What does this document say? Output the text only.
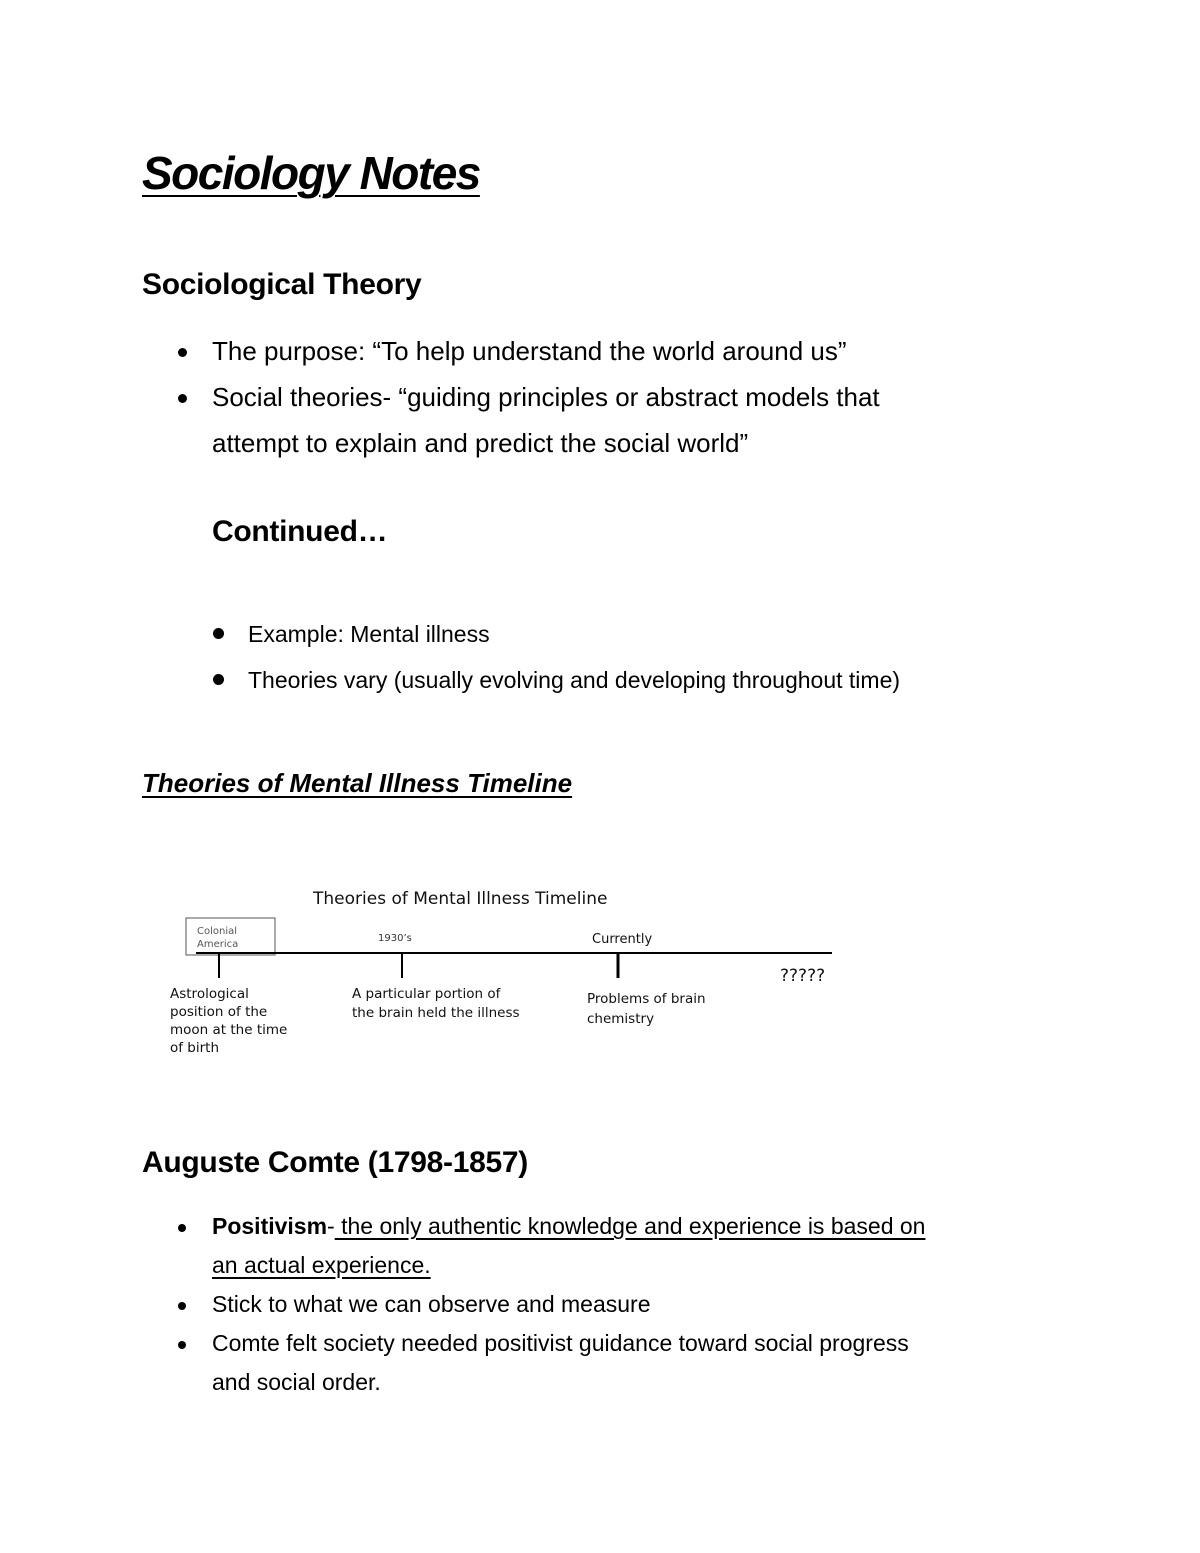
Sociology Notes
Sociological Theory
The purpose: “To help understand the world around us”
Social theories- “guiding principles or abstract models that
attempt to explain and predict the social world”
Continued…
Example: Mental illness
Theories vary (usually evolving and developing throughout time)
Theories of Mental Illness Timeline
Theories of Mental Illness Timeline
Colonial
America
1930’s	Currently
?????
Astrological
position of the
moon at the time
of birth
A particular portion of
the brain held the illness
Problems of brain
chemistry
Auguste Comte (1798-1857)
Positivism- the only authentic knowledge and experience is based on
an actual experience.
Stick to what we can observe and measure
Comte felt society needed positivist guidance toward social progress
and social order.
